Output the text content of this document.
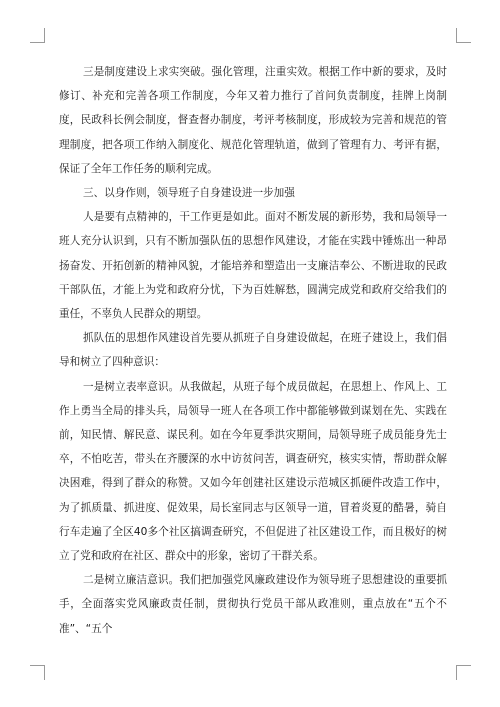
三是制度建设上求实突破。强化管理，注重实效。根据工作中新的要求，及时修订、补充和完善各项工作制度，今年又着力推行了首问负责制度，挂牌上岗制度，民政科长例会制度，督查督办制度，考评考核制度，形成较为完善和规范的管理制度，把各项工作纳入制度化、规范化管理轨道，做到了管理有力、考评有据，保证了全年工作任务的顺利完成。

三、以身作则，领导班子自身建设进一步加强

人是要有点精神的，干工作更是如此。面对不断发展的新形势，我和局领导一班人充分认识到，只有不断加强队伍的思想作风建设，才能在实践中锤炼出一种昂扬奋发、开拓创新的精神风貌，才能培养和塑造出一支廉洁奉公、不断进取的民政干部队伍，才能上为党和政府分忧，下为百姓解愁，圆满完成党和政府交给我们的重任，不辜负人民群众的期望。

抓队伍的思想作风建设首先要从抓班子自身建设做起，在班子建设上，我们倡导和树立了四种意识：

一是树立表率意识。从我做起，从班子每个成员做起，在思想上、作风上、工作上勇当全局的排头兵，局领导一班人在各项工作中都能够做到谋划在先、实践在前，知民情、解民意、谋民利。如在今年夏季洪灾期间，局领导班子成员能身先士卒，不怕吃苦，带头在齐腰深的水中访贫问苦，调查研究，核实实情，帮助群众解决困难，得到了群众的称赞。又如今年创建社区建设示范城区抓硬件改造工作中，为了抓质量、抓进度、促效果，局长室同志与区领导一道，冒着炎夏的酷暑，骑自行车走遍了全区40多个社区搞调查研究，不但促进了社区建设工作，而且极好的树立了党和政府在社区、群众中的形象，密切了干群关系。

二是树立廉洁意识。我们把加强党风廉政建设作为领导班子思想建设的重要抓手，全面落实党风廉政责任制，贯彻执行党员干部从政准则，重点放在“五个不准”、“五个
